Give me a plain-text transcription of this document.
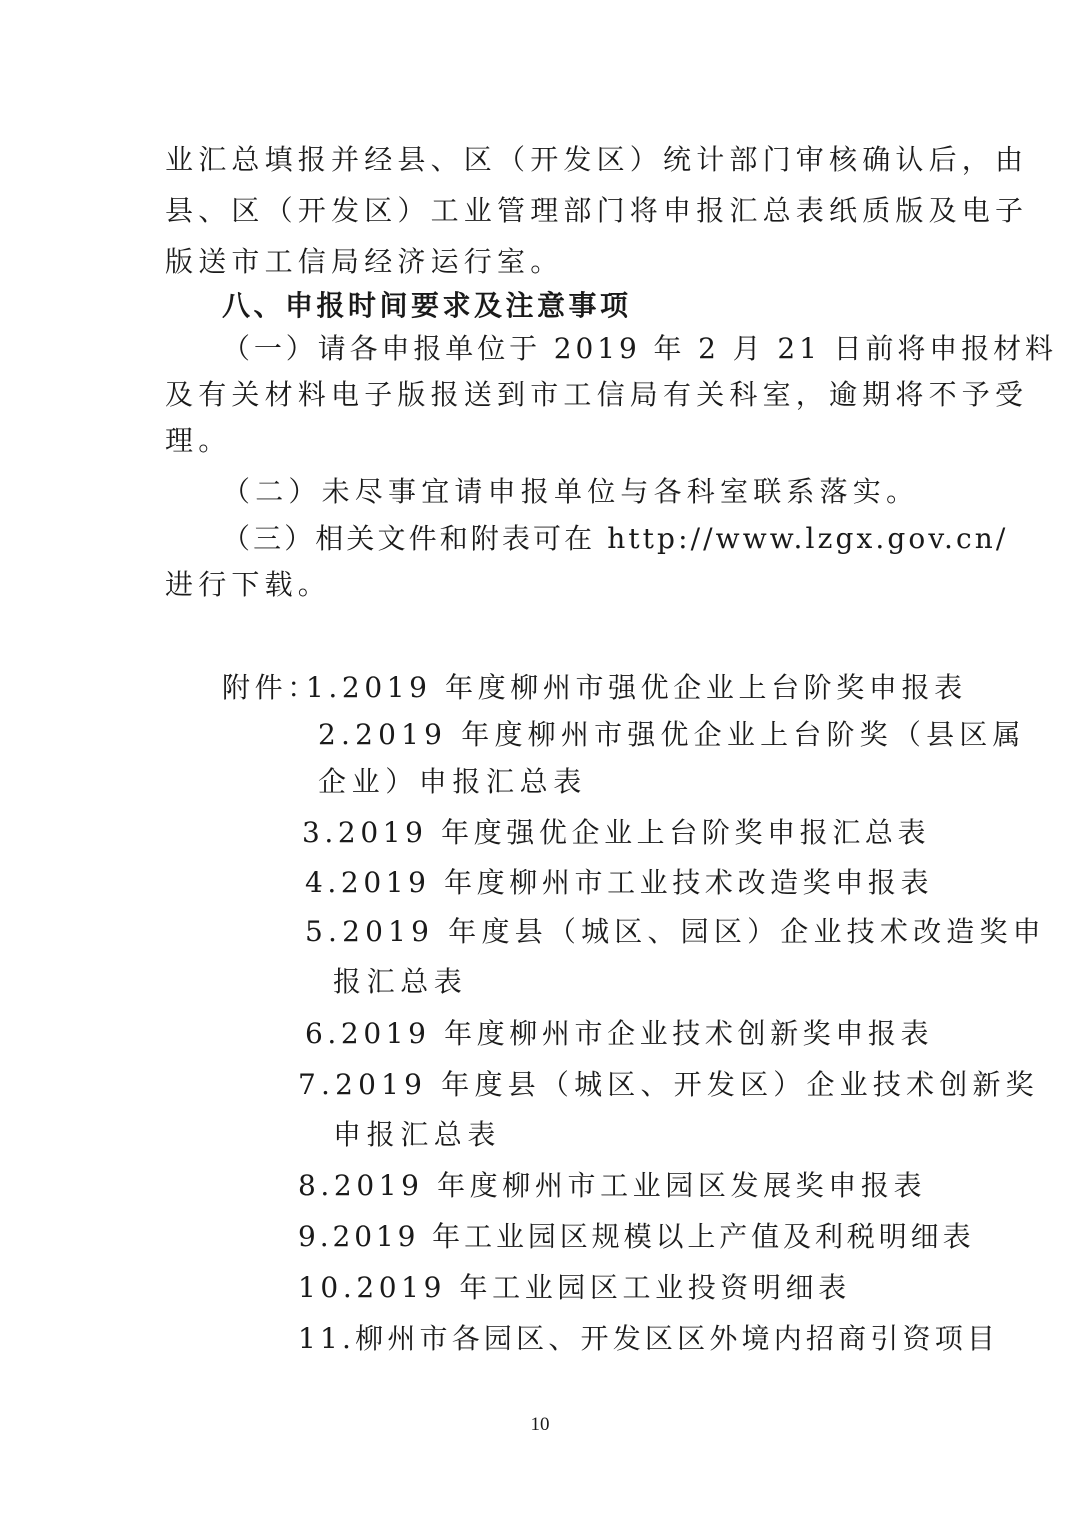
业汇总填报并经县、区（开发区）统计部门审核确认后，由
县、区（开发区）工业管理部门将申报汇总表纸质版及电子
版送市工信局经济运行室。
八、申报时间要求及注意事项
（一）请各申报单位于 2019 年 2 月 21 日前将申报材料
及有关材料电子版报送到市工信局有关科室，逾期将不予受
理。
（二）未尽事宜请申报单位与各科室联系落实。
（三）相关文件和附表可在 http://www.lzgx.gov.cn/
进行下载。
附件：
1.2019 年度柳州市强优企业上台阶奖申报表
2.2019 年度柳州市强优企业上台阶奖（县区属
企业）申报汇总表
3.2019 年度强优企业上台阶奖申报汇总表
4.2019 年度柳州市工业技术改造奖申报表
5.2019 年度县（城区、园区）企业技术改造奖申
报汇总表
6.2019 年度柳州市企业技术创新奖申报表
7.2019 年度县（城区、开发区）企业技术创新奖
申报汇总表
8.2019 年度柳州市工业园区发展奖申报表
9.2019 年工业园区规模以上产值及利税明细表
10.2019 年工业园区工业投资明细表
11.柳州市各园区、开发区区外境内招商引资项目
10
